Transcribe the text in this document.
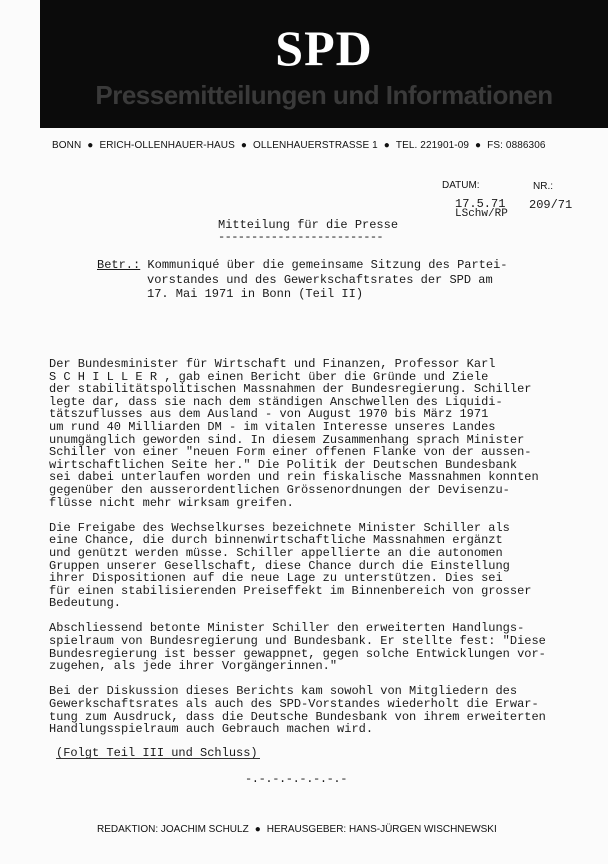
SPD
Pressemitteilungen und Informationen
BONN ● ERICH-OLLENHAUER-HAUS ● OLLENHAUERSTRASSE 1 ● TEL. 221901-09 ● FS: 0886306
DATUM:	NR.:
17.5.71
LSchw/RP
209/71
Mitteilung für die Presse
-------------------------
Betr.: Kommuniqué über die gemeinsame Sitzung des Partei-
vorstandes und des Gewerkschaftsrates der SPD am
17. Mai 1971 in Bonn (Teil II)

Der Bundesminister für Wirtschaft und Finanzen, Professor Karl
S C H I L L E R , gab einen Bericht über die Gründe und Ziele
der stabilitätspolitischen Massnahmen der Bundesregierung. Schiller
legte dar, dass sie nach dem ständigen Anschwellen des Liquidi-
tätszuflusses aus dem Ausland - von August 1970 bis März 1971
um rund 40 Milliarden DM - im vitalen Interesse unseres Landes
unumgänglich geworden sind. In diesem Zusammenhang sprach Minister
Schiller von einer "neuen Form einer offenen Flanke von der aussen-
wirtschaftlichen Seite her." Die Politik der Deutschen Bundesbank
sei dabei unterlaufen worden und rein fiskalische Massnahmen konnten
gegenüber den ausserordentlichen Grössenordnungen der Devisenzu-
flüsse nicht mehr wirksam greifen.

Die Freigabe des Wechselkurses bezeichnete Minister Schiller als
eine Chance, die durch binnenwirtschaftliche Massnahmen ergänzt
und genützt werden müsse. Schiller appellierte an die autonomen
Gruppen unserer Gesellschaft, diese Chance durch die Einstellung
ihrer Dispositionen auf die neue Lage zu unterstützen. Dies sei
für einen stabilisierenden Preiseffekt im Binnenbereich von grosser
Bedeutung.

Abschliessend betonte Minister Schiller den erweiterten Handlungs-
spielraum von Bundesregierung und Bundesbank. Er stellte fest: "Diese
Bundesregierung ist besser gewappnet, gegen solche Entwicklungen vor-
zugehen, als jede ihrer Vorgängerinnen."

Bei der Diskussion dieses Berichts kam sowohl von Mitgliedern des
Gewerkschaftsrates als auch des SPD-Vorstandes wiederholt die Erwar-
tung zum Ausdruck, dass die Deutsche Bundesbank von ihrem erweiterten
Handlungsspielraum auch Gebrauch machen wird.

(Folgt Teil III und Schluss)
-.-.-.-.-.-.-.-
REDAKTION: JOACHIM SCHULZ ● HERAUSGEBER: HANS-JÜRGEN WISCHNEWSKI
